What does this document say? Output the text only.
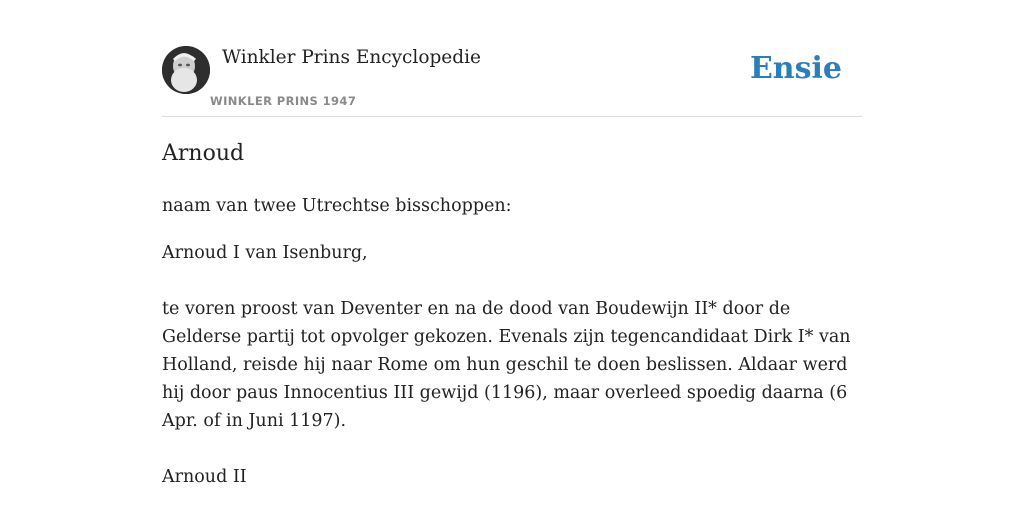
Winkler Prins Encyclopedie
WINKLER PRINS 1947
Ensie
Arnoud

naam van twee Utrechtse bisschoppen:

Arnoud I van Isenburg,

te voren proost van Deventer en na de dood van Boudewijn II* door de Gelderse partij tot opvolger gekozen. Evenals zijn tegencandidaat Dirk I* van Holland, reisde hij naar Rome om hun geschil te doen beslissen. Aldaar werd hij door paus Innocentius III gewijd (1196), maar overleed spoedig daarna (6 Apr. of in Juni 1197).

Arnoud II
